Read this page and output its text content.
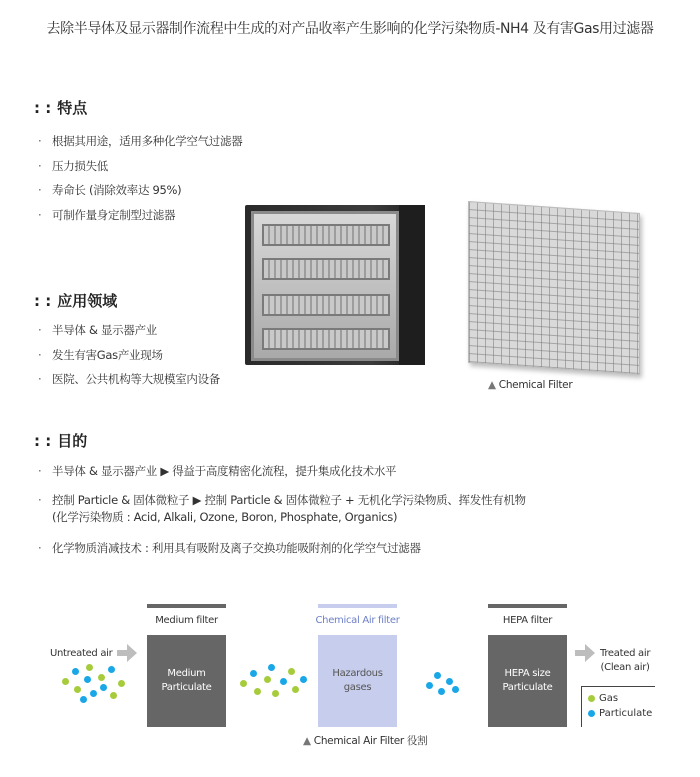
去除半导体及显示器制作流程中生成的对产品收率产生影响的化学污染物质-NH4 及有害Gas用过滤器
: : 特点
· 根据其用途，适用多种化学空气过滤器
· 压力损失低
· 寿命长 (消除效率达 95%)
· 可制作量身定制型过滤器
: : 应用领域
· 半导体 & 显示器产业
· 发生有害Gas产业现场
· 医院、公共机构等大规模室内设备	▲ Chemical Filter
: : 目的
· 半导体 & 显示器产业 ▶ 得益于高度精密化流程，提升集成化技术水平
· 控制 Particle & 固体微粒子 ▶ 控制 Particle & 固体微粒子 + 无机化学污染物质、挥发性有机物
(化学污染物质 : Acid, Alkali, Ozone, Boron, Phosphate, Organics)
· 化学物质消减技术 : 利用具有吸附及离子交换功能吸附剂的化学空气过滤器
Untreated air
Medium filter
Medium
Particulate
Chemical Air filter
Hazardous
gases
▲ Chemical Air Filter 役割
HEPA filter
HEPA size
Particulate
Treated air
(Clean air)
Gas
Particulate
